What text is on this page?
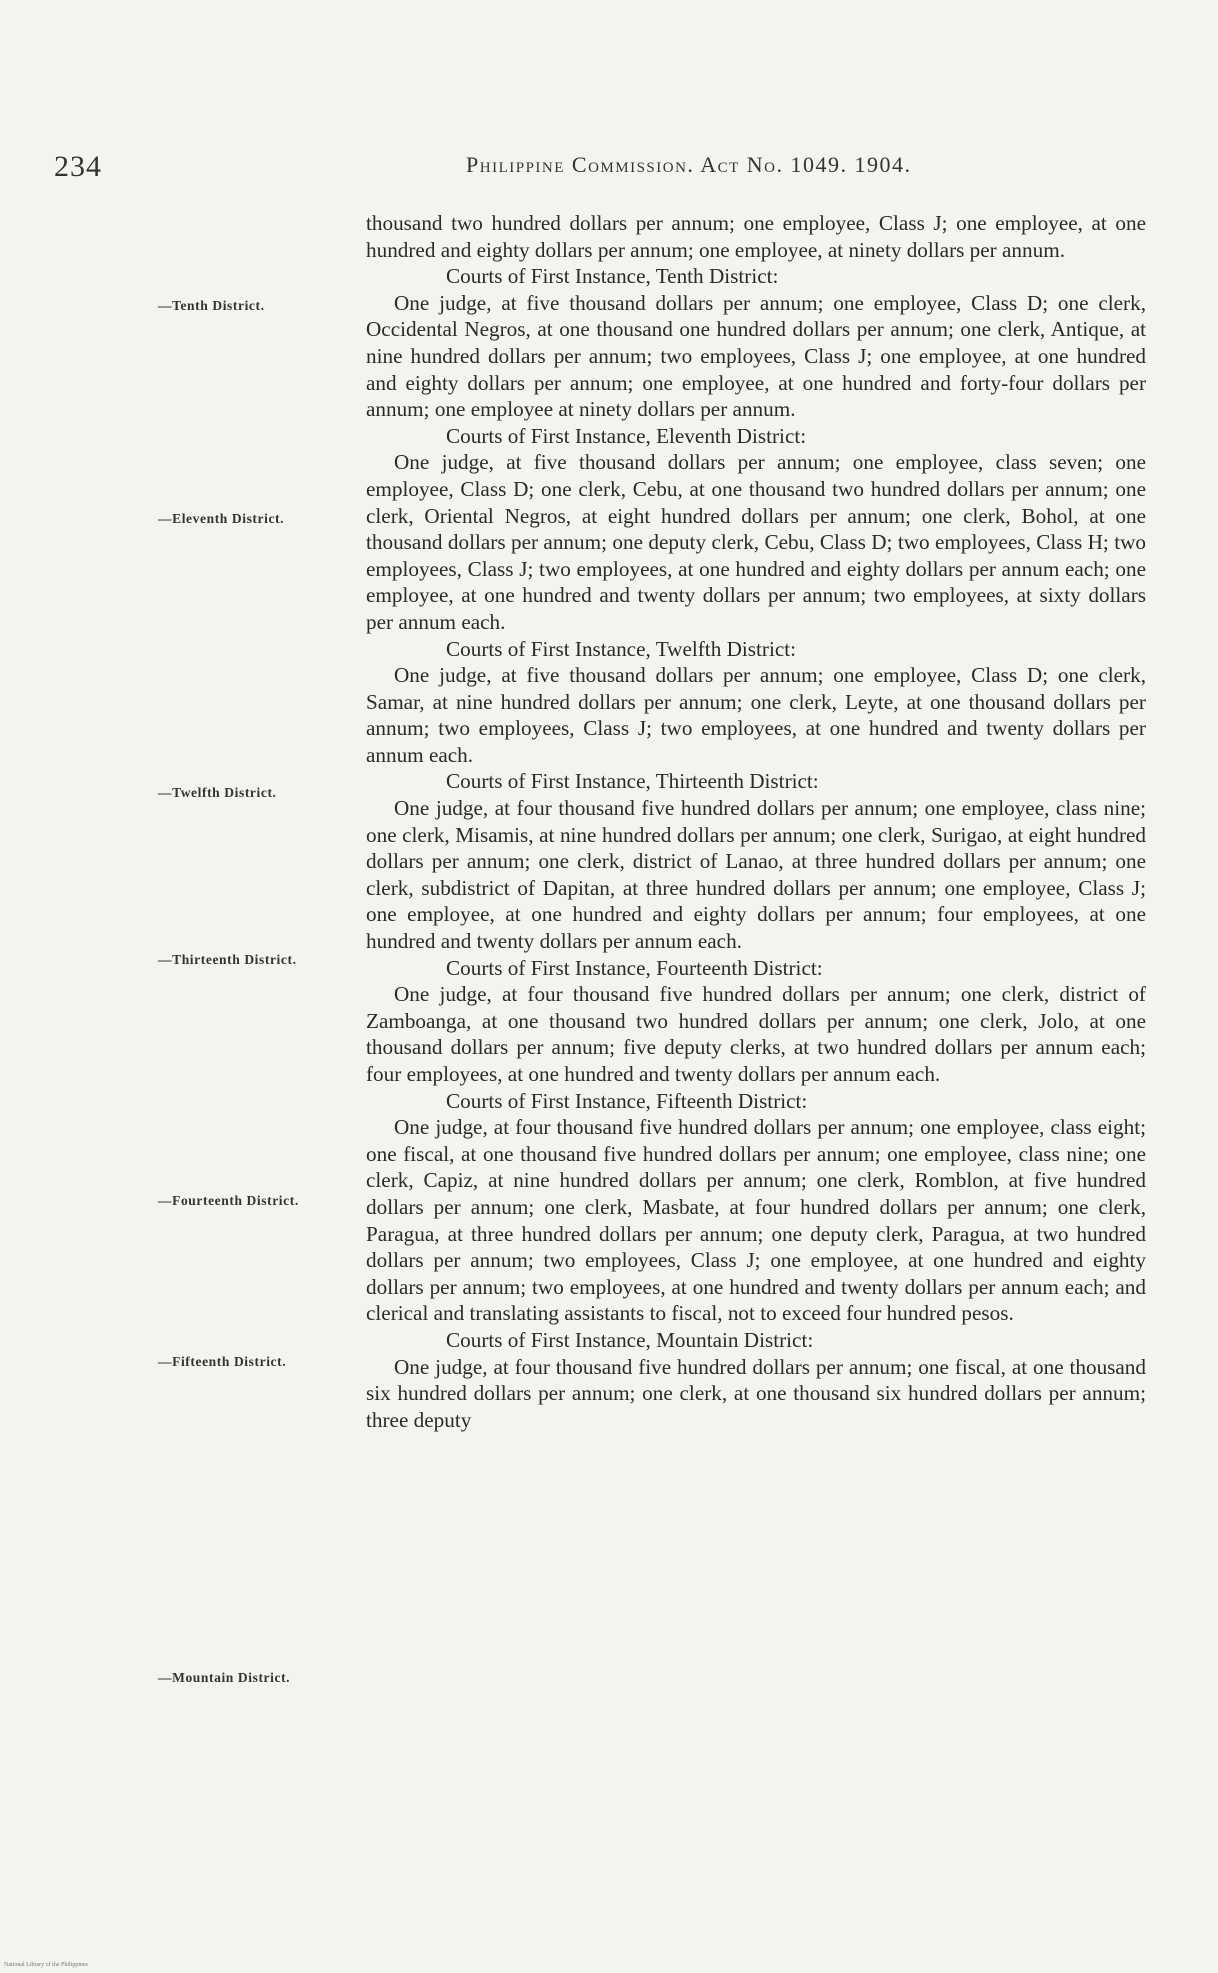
234	Philippine Commission. Act No. 1049. 1904.
—Tenth District.
—Eleventh District.
—Twelfth District.
—Thirteenth District.
—Fourteenth District.
—Fifteenth District.
—Mountain District.

thousand two hundred dollars per annum; one employee, Class J; one employee, at one hundred and eighty dollars per annum; one employee, at ninety dollars per annum.

Courts of First Instance, Tenth District:

One judge, at five thousand dollars per annum; one employee, Class D; one clerk, Occidental Negros, at one thousand one hundred dollars per annum; one clerk, Antique, at nine hundred dollars per annum; two employees, Class J; one employee, at one hundred and eighty dollars per annum; one employee, at one hundred and forty-four dollars per annum; one employee at ninety dollars per annum.

Courts of First Instance, Eleventh District:

One judge, at five thousand dollars per annum; one employee, class seven; one employee, Class D; one clerk, Cebu, at one thousand two hundred dollars per annum; one clerk, Oriental Negros, at eight hundred dollars per annum; one clerk, Bohol, at one thousand dollars per annum; one deputy clerk, Cebu, Class D; two employees, Class H; two employees, Class J; two employees, at one hundred and eighty dollars per annum each; one employee, at one hundred and twenty dollars per annum; two employees, at sixty dollars per annum each.

Courts of First Instance, Twelfth District:

One judge, at five thousand dollars per annum; one employee, Class D; one clerk, Samar, at nine hundred dollars per annum; one clerk, Leyte, at one thousand dollars per annum; two employees, Class J; two employees, at one hundred and twenty dollars per annum each.

Courts of First Instance, Thirteenth District:

One judge, at four thousand five hundred dollars per annum; one employee, class nine; one clerk, Misamis, at nine hundred dollars per annum; one clerk, Surigao, at eight hundred dollars per annum; one clerk, district of Lanao, at three hundred dollars per annum; one clerk, subdistrict of Dapitan, at three hundred dollars per annum; one employee, Class J; one employee, at one hundred and eighty dollars per annum; four employees, at one hundred and twenty dollars per annum each.

Courts of First Instance, Fourteenth District:

One judge, at four thousand five hundred dollars per annum; one clerk, district of Zamboanga, at one thousand two hundred dollars per annum; one clerk, Jolo, at one thousand dollars per annum; five deputy clerks, at two hundred dollars per annum each; four employees, at one hundred and twenty dollars per annum each.

Courts of First Instance, Fifteenth District:

One judge, at four thousand five hundred dollars per annum; one employee, class eight; one fiscal, at one thousand five hundred dollars per annum; one employee, class nine; one clerk, Capiz, at nine hundred dollars per annum; one clerk, Romblon, at five hundred dollars per annum; one clerk, Masbate, at four hundred dollars per annum; one clerk, Paragua, at three hundred dollars per annum; one deputy clerk, Paragua, at two hundred dollars per annum; two employees, Class J; one employee, at one hundred and eighty dollars per annum; two employees, at one hundred and twenty dollars per annum each; and clerical and translating assistants to fiscal, not to exceed four hundred pesos.

Courts of First Instance, Mountain District:

One judge, at four thousand five hundred dollars per annum; one fiscal, at one thousand six hundred dollars per annum; one clerk, at one thousand six hundred dollars per annum; three deputy

National Library of the Philippines
